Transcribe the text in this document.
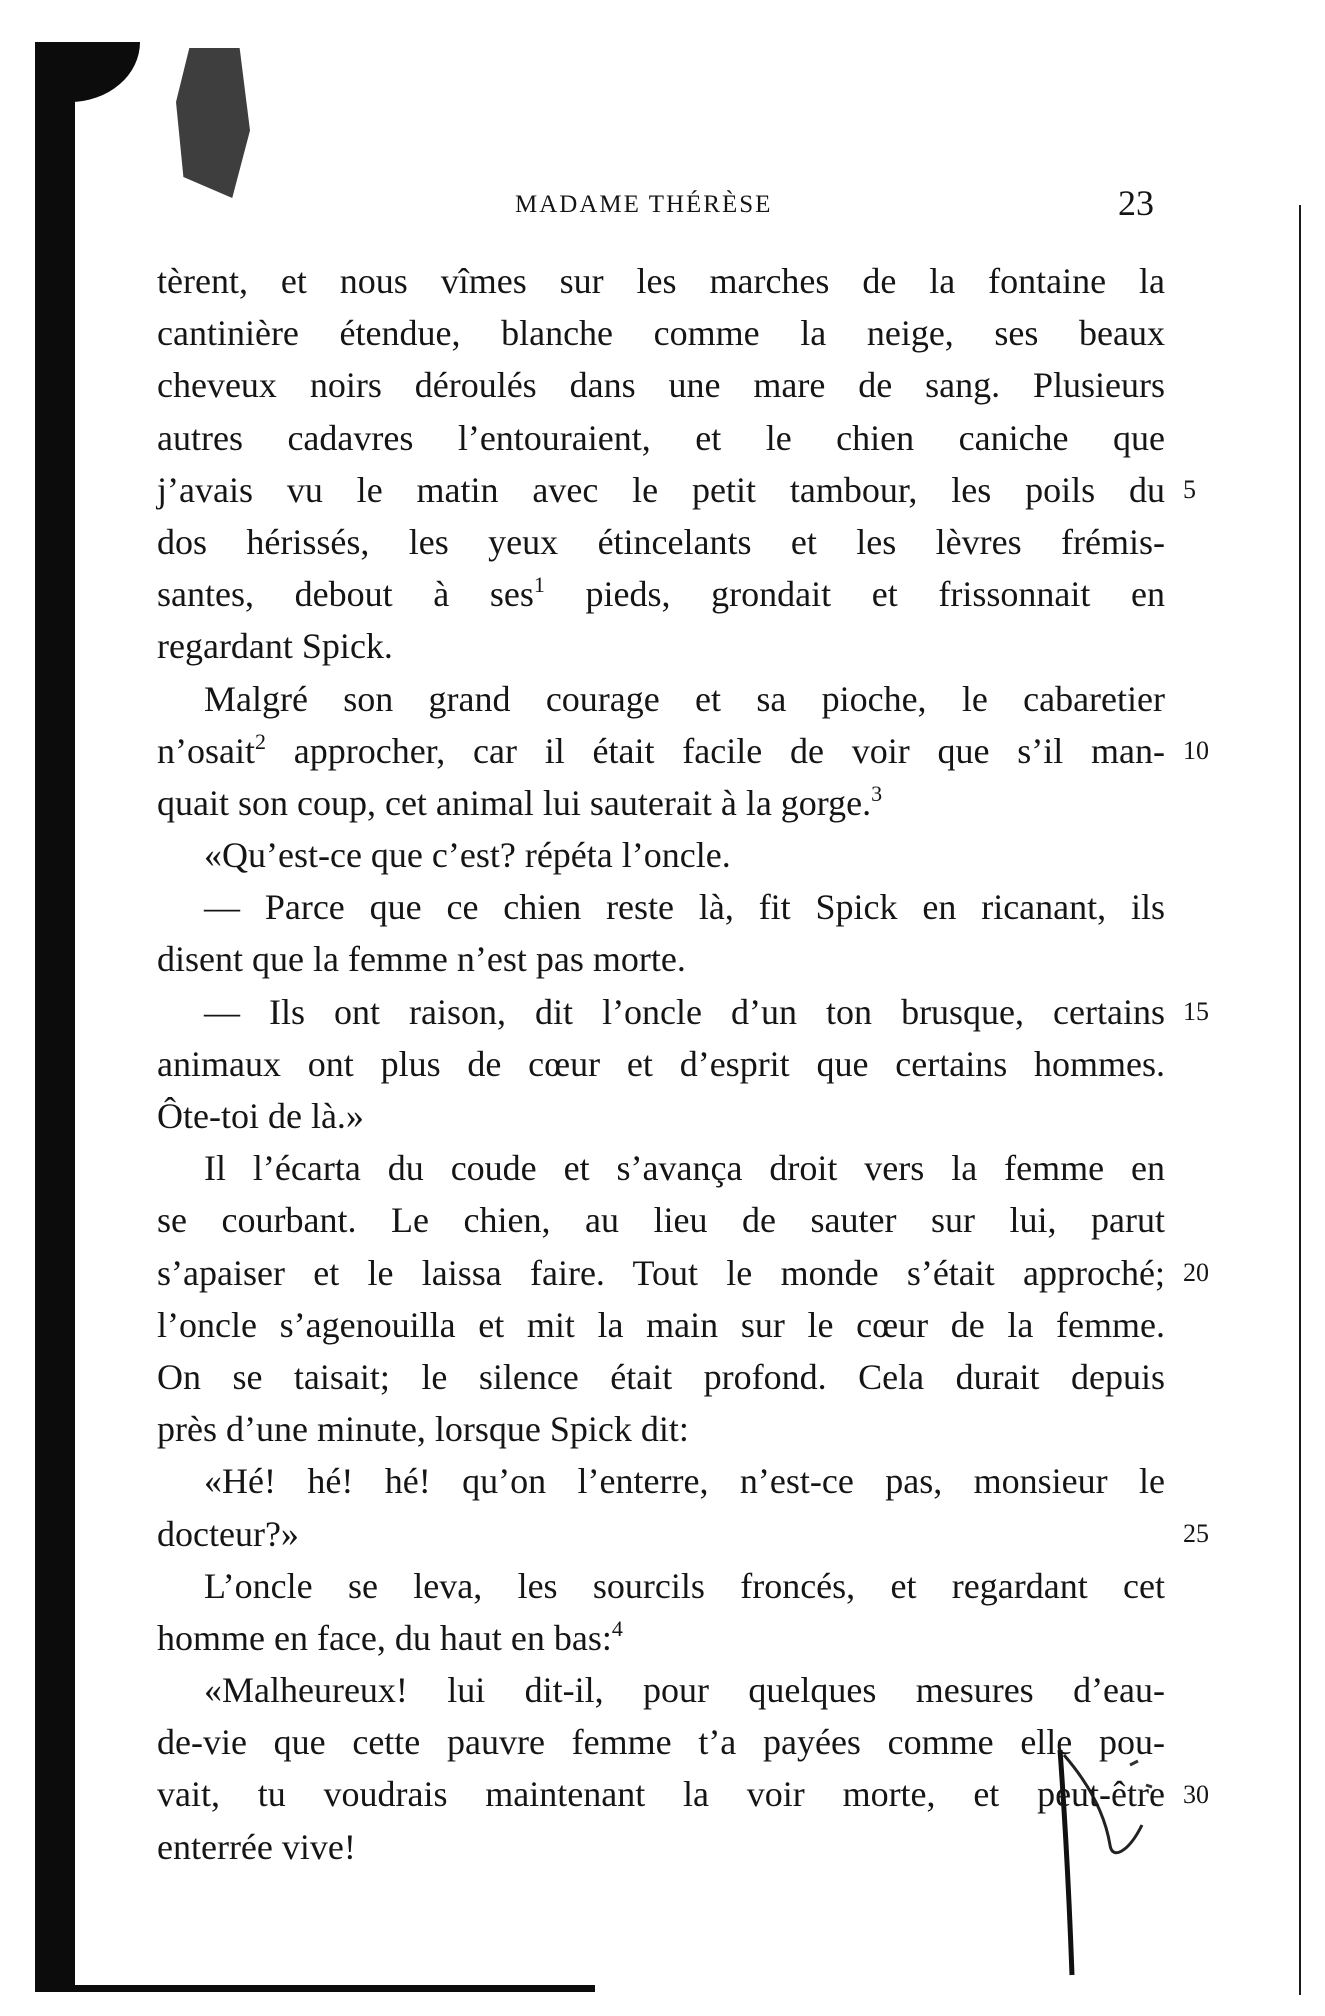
MADAME THÉRÈSE	23
tèrent, et nous vîmes sur les marches de la fontaine la
cantinière étendue, blanche comme la neige, ses beaux
cheveux noirs déroulés dans une mare de sang. Plusieurs
autres cadavres l’entouraient, et le chien caniche que
j’avais vu le matin avec le petit tambour, les poils du
dos hérissés, les yeux étincelants et les lèvres frémis-
santes, debout à ses$^1$ pieds, grondait et frissonnait en
regardant Spick.
Malgré son grand courage et sa pioche, le cabaretier
n’osait$^2$ approcher, car il était facile de voir que s’il man-
quait son coup, cet animal lui sauterait à la gorge.$^3$
«Qu’est-ce que c’est? répéta l’oncle.
— Parce que ce chien reste là, fit Spick en ricanant, ils
disent que la femme n’est pas morte.
— Ils ont raison, dit l’oncle d’un ton brusque, certains
animaux ont plus de cœur et d’esprit que certains hommes.
Ôte-toi de là.»
Il l’écarta du coude et s’avança droit vers la femme en
se courbant. Le chien, au lieu de sauter sur lui, parut
s’apaiser et le laissa faire. Tout le monde s’était approché;
l’oncle s’agenouilla et mit la main sur le cœur de la femme.
On se taisait; le silence était profond. Cela durait depuis
près d’une minute, lorsque Spick dit:
«Hé! hé! hé! qu’on l’enterre, n’est-ce pas, monsieur le
docteur?»
L’oncle se leva, les sourcils froncés, et regardant cet
homme en face, du haut en bas:$^4$
«Malheureux! lui dit-il, pour quelques mesures d’eau-
de-vie que cette pauvre femme t’a payées comme elle pou-
vait, tu voudrais maintenant la voir morte, et peut-être
enterrée vive!
5
10
15
20
25
30
